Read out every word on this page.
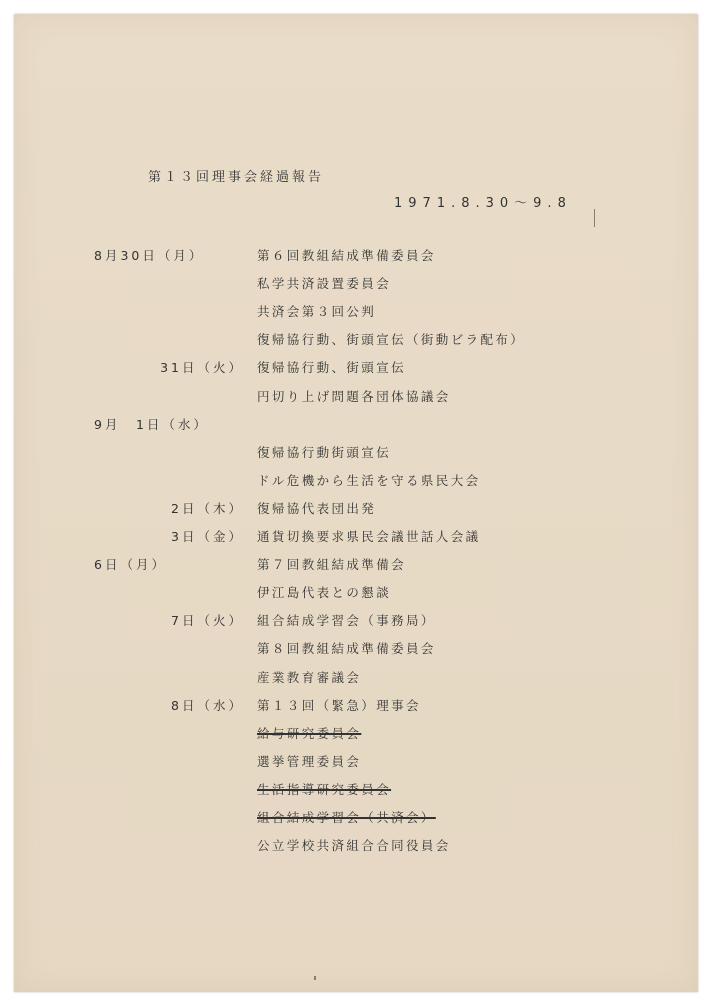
第１３回理事会経過報告
1971.8.30〜9.8
8月30日（月）	第６回教組結成準備委員会
私学共済設置委員会
共済会第３回公判
復帰協行動、街頭宣伝（街動ビラ配布）
31日（火） 復帰協行動、街頭宣伝
円切り上げ問題各団体協議会
9月　1日（水）
復帰協行動街頭宣伝
ドル危機から生活を守る県民大会
2日（木） 復帰協代表団出発
3日（金） 通貨切換要求県民会議世話人会議
6日（月）	第７回教組結成準備会
伊江島代表との懇談
7日（火） 組合結成学習会（事務局）
第８回教組結成準備委員会
産業教育審議会
8日（水） 第１３回（緊急）理事会
給与研究委員会
選挙管理委員会
生活指導研究委員会
組合結成学習会（共済会）
公立学校共済組合合同役員会
